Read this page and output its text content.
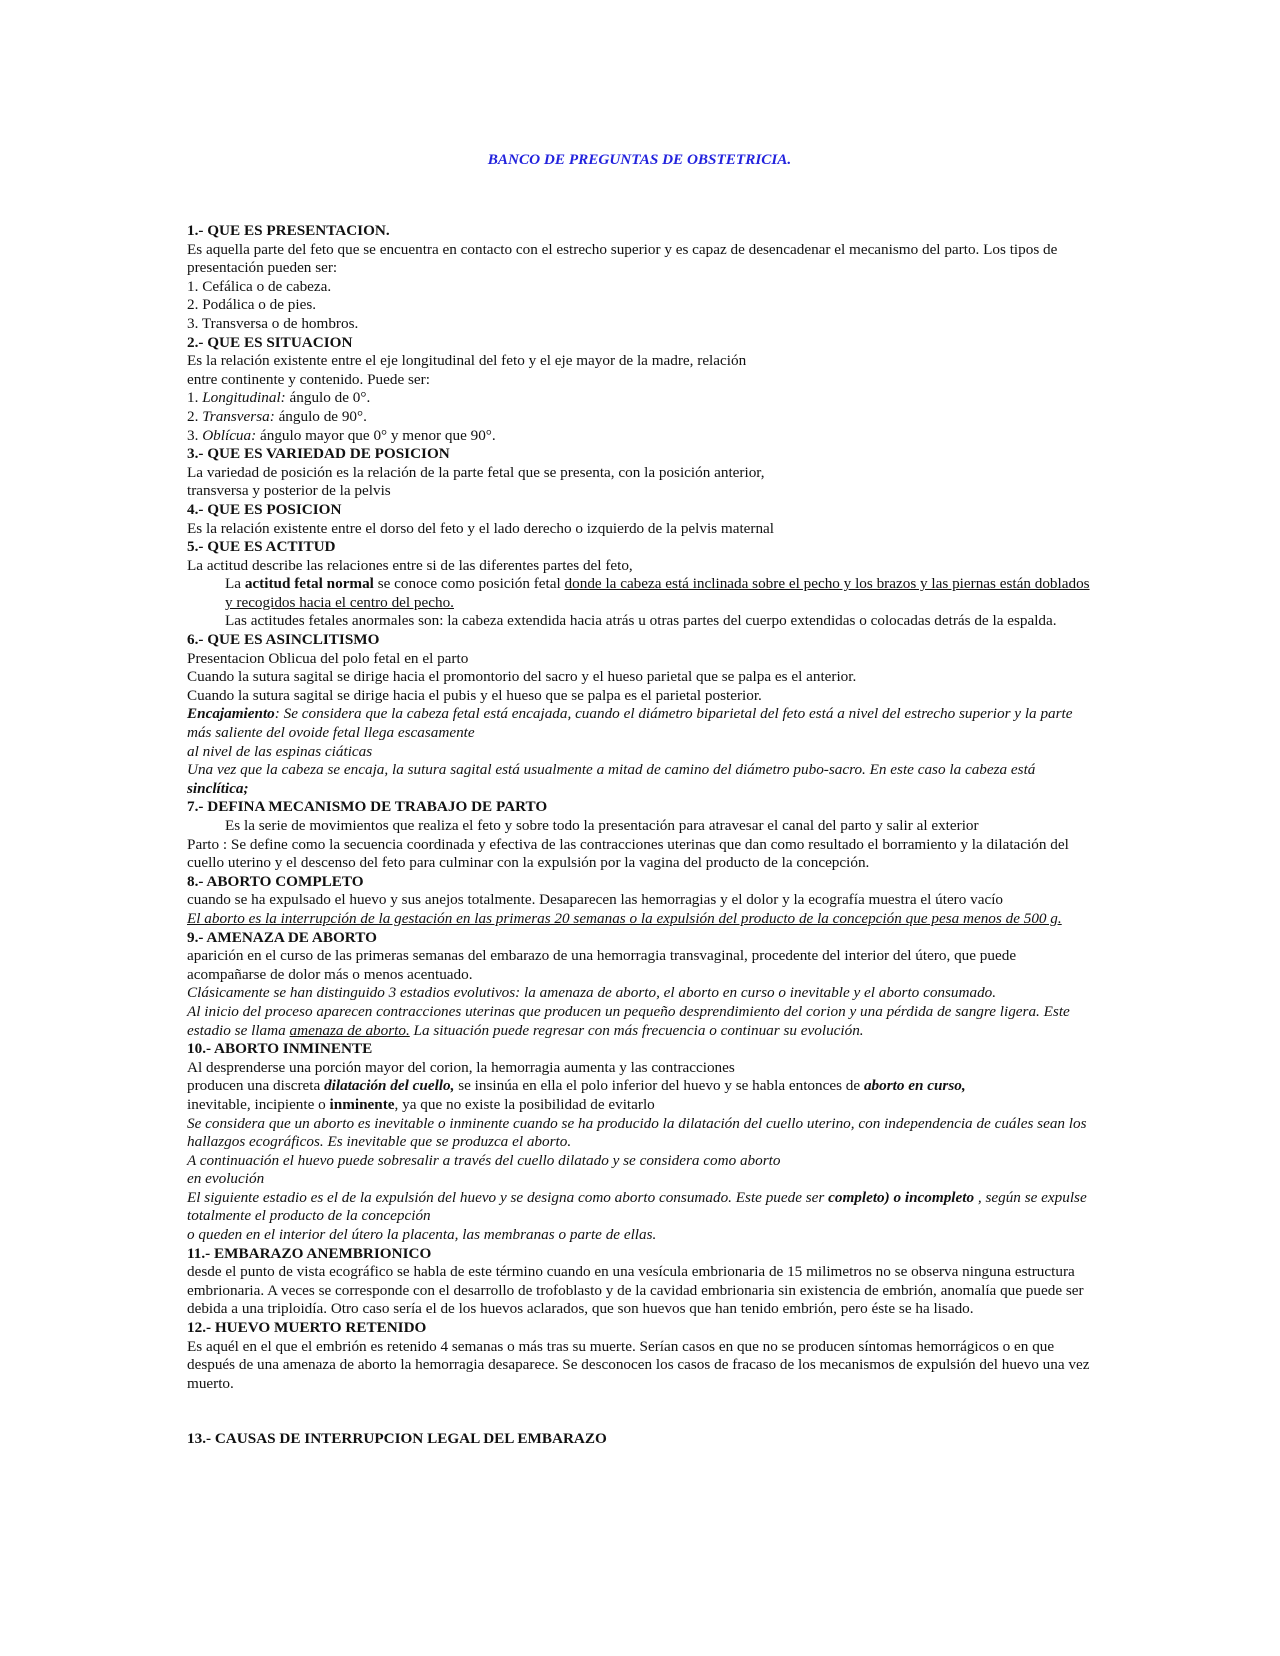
BANCO DE PREGUNTAS DE OBSTETRICIA.

1.- QUE ES PRESENTACION.

Es aquella parte del feto que se encuentra en contacto con el estrecho superior y es capaz de desencadenar el mecanismo del parto. Los tipos de presentación pueden ser:

1. Cefálica o de cabeza.

2. Podálica o de pies.

3. Transversa o de hombros.

2.- QUE ES SITUACION

Es la relación existente entre el eje longitudinal del feto y el eje mayor de la madre, relación

entre continente y contenido. Puede ser:

1. Longitudinal: ángulo de 0°.

2. Transversa: ángulo de 90°.

3. Oblícua: ángulo mayor que 0° y menor que 90°.

3.- QUE ES VARIEDAD DE POSICION

La variedad de posición es la relación de la parte fetal que se presenta, con la posición anterior,

transversa y posterior de la pelvis

4.- QUE ES POSICION

Es la relación existente entre el dorso del feto y el lado derecho o izquierdo de la pelvis maternal

5.- QUE ES ACTITUD

La actitud describe las relaciones entre si de las diferentes partes del feto,

La actitud fetal normal se conoce como posición fetal donde la cabeza está inclinada sobre el pecho y los brazos y las piernas están doblados y recogidos hacia el centro del pecho.

Las actitudes fetales anormales son: la cabeza extendida hacia atrás u otras partes del cuerpo extendidas o colocadas detrás de la espalda.

6.- QUE ES ASINCLITISMO

Presentacion Oblicua del polo fetal en el parto

Cuando la sutura sagital se dirige hacia el promontorio del sacro y el hueso parietal que se palpa es el anterior.

Cuando la sutura sagital se dirige hacia el pubis y el hueso que se palpa es el parietal posterior.

Encajamiento: Se considera que la cabeza fetal está encajada, cuando el diámetro biparietal del feto está a nivel del estrecho superior y la parte más saliente del ovoide fetal llega escasamente

al nivel de las espinas ciáticas

Una vez que la cabeza se encaja, la sutura sagital está usualmente a mitad de camino del diámetro pubo-sacro. En este caso la cabeza está sinclítica;

7.- DEFINA MECANISMO DE TRABAJO DE PARTO

Es la serie de movimientos que realiza el feto y sobre todo la presentación para atravesar el canal del parto y salir al exterior

Parto : Se define como la secuencia coordinada y efectiva de las contracciones uterinas que dan como resultado el borramiento y la dilatación del cuello uterino y el descenso del feto para culminar con la expulsión por la vagina del producto de la concepción.

8.- ABORTO COMPLETO

cuando se ha expulsado el huevo y sus anejos totalmente. Desaparecen las hemorragias y el dolor y la ecografía muestra el útero vacío

El aborto es la interrupción de la gestación en las primeras 20 semanas o la expulsión del producto de la concepción que pesa menos de 500 g.

9.- AMENAZA DE ABORTO

aparición en el curso de las primeras semanas del embarazo de una hemorragia transvaginal, procedente del interior del útero, que puede acompañarse de dolor más o menos acentuado.

Clásicamente se han distinguido 3 estadios evolutivos: la amenaza de aborto, el aborto en curso o inevitable y el aborto consumado.

Al inicio del proceso aparecen contracciones uterinas que producen un pequeño desprendimiento del corion y una pérdida de sangre ligera. Este estadio se llama amenaza de aborto. La situación puede regresar con más frecuencia o continuar su evolución.

10.- ABORTO INMINENTE

Al desprenderse una porción mayor del corion, la hemorragia aumenta y las contracciones

producen una discreta dilatación del cuello, se insinúa en ella el polo inferior del huevo y se habla entonces de aborto en curso,

inevitable, incipiente o inminente, ya que no existe la posibilidad de evitarlo

Se considera que un aborto es inevitable o inminente cuando se ha producido la dilatación del cuello uterino, con independencia de cuáles sean los hallazgos ecográficos. Es inevitable que se produzca el aborto.

A continuación el huevo puede sobresalir a través del cuello dilatado y se considera como aborto

en evolución

El siguiente estadio es el de la expulsión del huevo y se designa como aborto consumado. Este puede ser completo) o incompleto , según se expulse totalmente el producto de la concepción

o queden en el interior del útero la placenta, las membranas o parte de ellas.

11.- EMBARAZO ANEMBRIONICO

desde el punto de vista ecográfico se habla de este término cuando en una vesícula embrionaria de 15 milimetros no se observa ninguna estructura embrionaria. A veces se corresponde con el desarrollo de trofoblasto y de la cavidad embrionaria sin existencia de embrión, anomalía que puede ser debida a una triploidía. Otro caso sería el de los huevos aclarados, que son huevos que han tenido embrión, pero éste se ha lisado.

12.- HUEVO MUERTO RETENIDO

Es aquél en el que el embrión es retenido 4 semanas o más tras su muerte. Serían casos en que no se producen síntomas hemorrágicos o en que después de una amenaza de aborto la hemorragia desaparece. Se desconocen los casos de fracaso de los mecanismos de expulsión del huevo una vez muerto.

13.- CAUSAS DE INTERRUPCION LEGAL DEL EMBARAZO
